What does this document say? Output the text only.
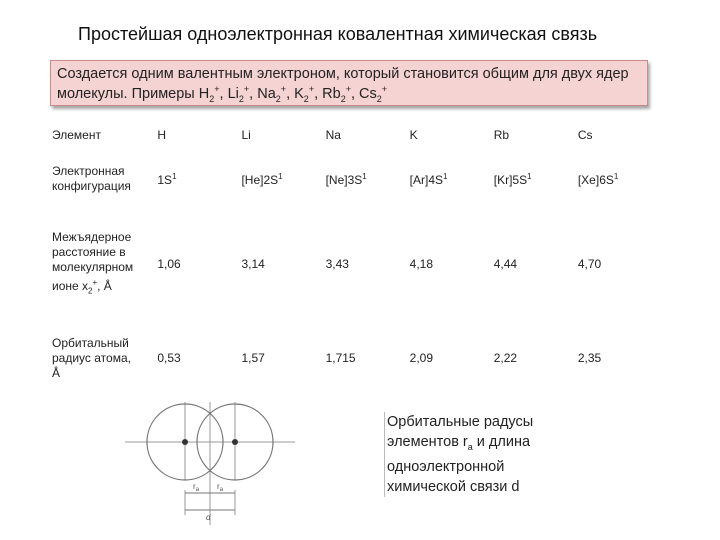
Простейшая одноэлектронная ковалентная химическая связь
Создается одним валентным электроном, который становится общим для двух ядер
молекулы. Примеры $H_2^+$, $Li_2^+$, $Na_2^+$, $K_2^+$, $Rb_2^+$, $Cs_2^+$
Элемент	H	Li	Na	K	Rb	Cs
Электронная
конфигурация	$1S^1$	$[He]2S^1$	$[Ne]3S^1$	$[Ar]4S^1$	$[Kr]5S^1$	$[Xe]6S^1$
Межъядерное
расстояние в
молекулярном
ионе $х_2^+$, Å	1,06	3,14	3,43	4,18	4,44	4,70
Орбитальный
радиус атома,
Å	0,53	1,57	1,715	2,09	2,22	2,35
$r_a$ $r_a$
d
Орбитальные радусы
элементов $r_a$ и длина
одноэлектронной
химической связи d
